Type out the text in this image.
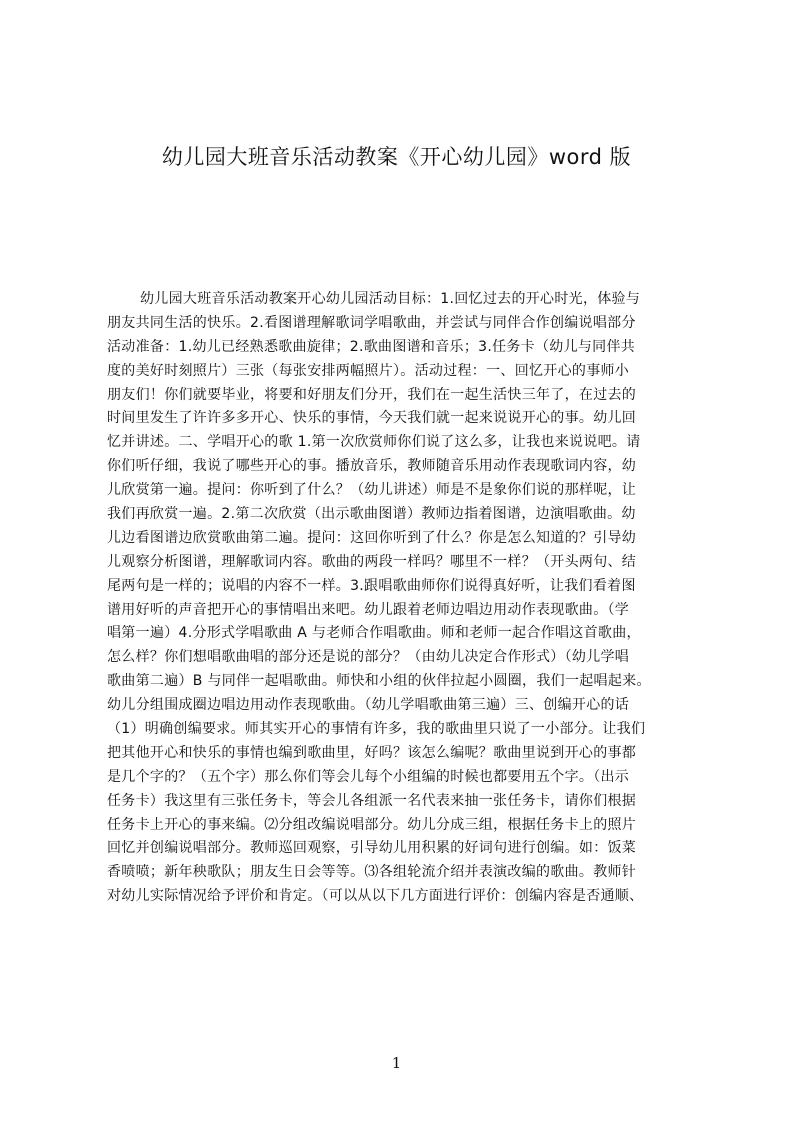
幼儿园大班音乐活动教案《开心幼儿园》word 版
幼儿园大班音乐活动教案开心幼儿园活动目标：1.回忆过去的开心时光，体验与
朋友共同生活的快乐。2.看图谱理解歌词学唱歌曲，并尝试与同伴合作创编说唱部分
活动准备：1.幼儿已经熟悉歌曲旋律；2.歌曲图谱和音乐；3.任务卡（幼儿与同伴共
度的美好时刻照片）三张（每张安排两幅照片）。活动过程：一、回忆开心的事师小
朋友们！你们就要毕业，将要和好朋友们分开，我们在一起生活快三年了，在过去的
时间里发生了许许多多开心、快乐的事情，今天我们就一起来说说开心的事。幼儿回
忆并讲述。二、学唱开心的歌 1.第一次欣赏师你们说了这么多，让我也来说说吧。请
你们听仔细，我说了哪些开心的事。播放音乐，教师随音乐用动作表现歌词内容，幼
儿欣赏第一遍。提问：你听到了什么？（幼儿讲述）师是不是象你们说的那样呢，让
我们再欣赏一遍。2.第二次欣赏（出示歌曲图谱）教师边指着图谱，边演唱歌曲。幼
儿边看图谱边欣赏歌曲第二遍。提问：这回你听到了什么？你是怎么知道的？引导幼
儿观察分析图谱，理解歌词内容。歌曲的两段一样吗？哪里不一样？（开头两句、结
尾两句是一样的；说唱的内容不一样。3.跟唱歌曲师你们说得真好听，让我们看着图
谱用好听的声音把开心的事情唱出来吧。幼儿跟着老师边唱边用动作表现歌曲。（学
唱第一遍）4.分形式学唱歌曲 A 与老师合作唱歌曲。师和老师一起合作唱这首歌曲，
怎么样？你们想唱歌曲唱的部分还是说的部分？（由幼儿决定合作形式）（幼儿学唱
歌曲第二遍）B 与同伴一起唱歌曲。师快和小组的伙伴拉起小圆圈，我们一起唱起来。
幼儿分组围成圈边唱边用动作表现歌曲。（幼儿学唱歌曲第三遍）三、创编开心的话
（1）明确创编要求。师其实开心的事情有许多，我的歌曲里只说了一小部分。让我们
把其他开心和快乐的事情也编到歌曲里，好吗？该怎么编呢？歌曲里说到开心的事都
是几个字的？（五个字）那么你们等会儿每个小组编的时候也都要用五个字。（出示
任务卡）我这里有三张任务卡，等会儿各组派一名代表来抽一张任务卡，请你们根据
任务卡上开心的事来编。⑵分组改编说唱部分。幼儿分成三组，根据任务卡上的照片
回忆并创编说唱部分。教师巡回观察，引导幼儿用积累的好词句进行创编。如：饭菜
香喷喷；新年秧歌队；朋友生日会等等。⑶各组轮流介绍并表演改编的歌曲。教师针
对幼儿实际情况给予评价和肯定。（可以从以下几方面进行评价：创编内容是否通顺、
1
